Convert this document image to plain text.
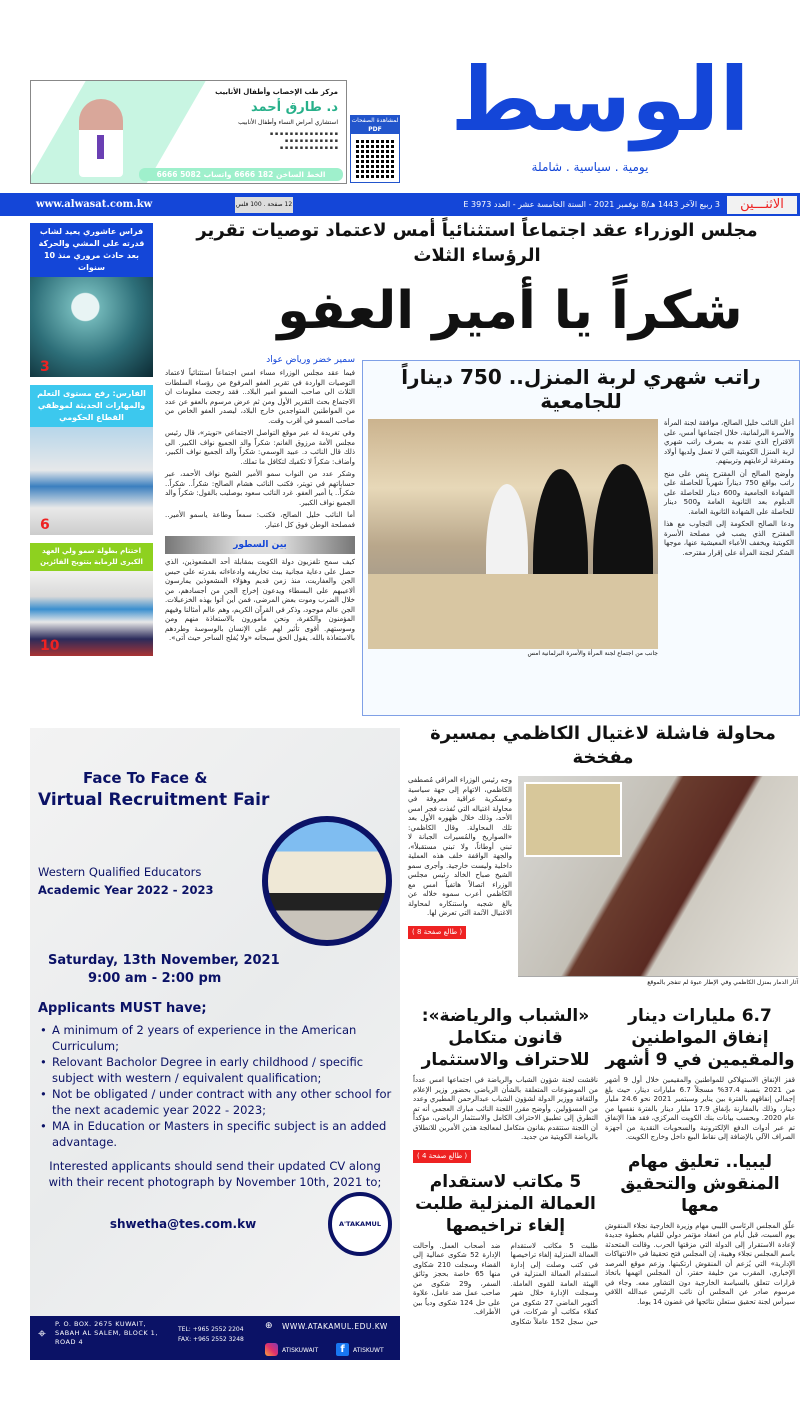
مركز طب الإخصاب وأطفال الأنابيب
د. طارق أحمد
استشاري أمراض النساء وأطفال الأنابيب
▪ ▪ ▪ ▪ ▪ ▪ ▪ ▪ ▪ ▪ ▪ ▪ ▪ ▪
▪ ▪ ▪ ▪ ▪ ▪ ▪ ▪ ▪ ▪ ▪
▪ ▪ ▪ ▪ ▪ ▪ ▪ ▪ ▪ ▪ ▪ ▪
الخط الساخن 182 6666 واتساب 5082 6666
لمشاهدة الصفحات
PDF الوسط
يومية . سياسية . شاملة
الاثنـــين
3 ربيع الآخر 1443 هـ/8 نوفمبر 2021 - السنة الخامسة عشر - العدد 3973 E
12 صفحة . 100 فلس
www.alwasat.com.kw
مجلس الوزراء عقد اجتماعاً استثنائياً أمس لاعتماد توصيات تقرير الرؤساء الثلاث
شكراً يا أمير العفو
فراس عاشوري يعيد لشاب قدرته على المشي والحركة بعد حادث مروري منذ 10 سنوات
3
الفارس: رفع مستوى التعلم والمهارات الحديثة لموظفي القطاع الحكومي
6
اختتام بطولة سمو ولي العهد الكبرى للرماية بتتويج الفائزين
10
سمير خضر ورياض عواد

فيما عقد مجلس الوزراء مساء امس اجتماعاً استثنائياً لاعتماد التوصيات الواردة في تقرير العفو المرفوع من رؤساء السلطات الثلاث الى صاحب السمو امير البلاد.. فقد رجحت معلومات ان الاجتماع بحث التقرير الأول ومن ثم عرض مرسوم بالعفو عن عدد من المواطنين المتواجدين خارج البلاد، ليصدر العفو الخاص من صاحب السمو في أقرب وقت.

وفي تغريدة له عبر موقع التواصل الاجتماعي «تويتر»، قال رئيس مجلس الأمة مرزوق الغانم: شكراً والد الجميع نواف الكبير. الى ذلك قال النائب د. عبيد الوسمي: شكراً والد الجميع نواف الكبير، وأضاف: شكراً لا تكفيك لتكافل ما تملك.

وشكر عدد من النواب سمو الأمير الشيخ نواف الأحمد، عبر حساباتهم في تويتر، فكتب النائب هشام الصالح: شكراً.. شكراً.. شكراً.. يا أمير العفو. غرد النائب سعود بوصليب بالقول: شكراً والد الجميع نواف الكبير.

أما النائب خليل الصالح، فكتب: سمعاً وطاعة ياسمو الأمير.. فمصلحة الوطن فوق كل اعتبار.

بين السطور
كيف سمح تلفزيون دولة الكويت بمقابلة أحد المشعوذين، الذي حصل على دعاية مجانية ببث تخاريفه وادعاءاته بقدرته على حبس الجن والعفاريت، منذ زمن قديم وهؤلاء المشعوذين يمارسون ألاعيبهم على البسطاء ويدعون إخراج الجن من أجسادهم، من خلال الضرب وموت بعض المرضى، فمن أين أتوا بهذه الخزعبلات. الجن عالم موجود، وذكر في القرآن الكريم، وهم عالم أمثالنا وفيهم المؤمنون والكفرة، ونحن مأمورون بالاستعاذة منهم ومن وسوستهم. أقوى تأثير لهم على الإنسان بالوسوسة وطردهم بالاستعاذة بالله. يقول الحق سبحانه «ولا يُفلح الساحر حيث أتى».
راتب شهري لربة المنزل.. 750 ديناراً للجامعية

أعلن النائب خليل الصالح، موافقة لجنة المرأة والأسرة البرلمانية، خلال اجتماعها أمس، على الاقتراح الذي تقدم به بصرف راتب شهري لربة المنزل الكويتية التي لا تعمل ولديها أولاد ومتفرغة لرعايتهم وتربيتهم.

وأوضح الصالح أن المقترح ينص على منح راتب بواقع 750 ديناراً شهرياً للحاصلة على الشهادة الجامعية و600 دينار للحاصلة على الدبلوم بعد الثانوية العامة و500 دينار للحاصلة على الشهادة الثانوية العامة.

ودعا الصالح الحكومة إلى التجاوب مع هذا المقترح الذي يصب في مصلحة الأسرة الكويتية ويخفف الأعباء المعيشية عنها، موجها الشكر لنجنة المرأة على إقرار مقترحه.

جانب من اجتماع لجنة المرأة والأسرة البرلمانية امس
Face To Face &
Virtual Recruitment Fair
Western Qualified Educators
Academic Year 2022 - 2023
Saturday, 13th November, 2021
9:00 am - 2:00 pm
Applicants MUST have;
• A minimum of 2 years of experience in the American Curriculum;
• Relovant Bacholor Degree in early childhood / specific subject with western / equivalent qualification;
• Not be obligated / under contract with any other school for the next academic year 2022 - 2023;
• MA in Education or Masters in specific subject is an added advantage.
Interested applicants should send their updated CV along with their recent photograph by November 10th, 2021 to;
shwetha@tes.com.kw	A'TAKAMUL
⌖
P. O. BOX. 2675 KUWAIT, SABAH AL SALEM, BLOCK 1, ROAD 4
TEL: +965 2552 2204
FAX: +965 2552 3248
⊕ WWW.ATAKAMUL.EDU.KW
ATISKUWAIT	f	ATISKUWT
محاولة فاشلة لاغتيال الكاظمي بمسيرة مفخخة
آثار الدمار بمنزل الكاظمي وفي الإطار عبوة لم تنفجر بالموقع
وجه رئيس الوزراء العراقي مُصطفى الكاظمي، الاتهام إلى جهة سياسية وعسكرية عراقية معروفة في محاولة اغتياله التي نُفذت فجر امس الأحد، وذلك خلال ظهوره الأول بعد تلك المحاولة. وقال الكاظمي: «الصواريخ والمُسيرات الجبانة لا تبني أوطاناً، ولا تبني مستقبلاً»، والجهة الواقفة خلف هذه العملية داخلية وليست خارجية. وأجرى سمو الشيخ صباح الخالد رئيس مجلس الوزراء اتصالاً هاتفياً امس مع الكاظمي أعرب سموه خلاله عن بالغ شجبه واستنكاره لمحاولة الاغتيال الآثمة التي تعرض لها.
( طالع صفحة 8 )
6.7 مليارات دينار إنفاق المواطنين والمقيمين في 9 أشهر
قفز الإنفاق الاستهلاكي للمواطنين والمقيمين خلال أول 9 أشهر من 2021 بنسبة 37.4% مسجلاً 6.7 مليارات دينار، حيث بلغ إجمالي إنفاقهم بالفترة بين يناير وسبتمبر 2021 نحو 24.6 مليار دينار، وذلك بالمقارنة بإنفاق 17.9 مليار دينار بالفترة نفسها من عام 2020. وبحسب بيانات بنك الكويت المركزي، فقد هذا الإنفاق تم عبر أدوات الدفع الإلكترونية والسحوبات النقدية من أجهزة الصراف الآلي بالإضافة إلى نقاط البيع داخل وخارج الكويت.
ليبيا.. تعليق مهام المنقوش والتحقيق معها
علّق المجلس الرئاسي الليبي مهام وزيرة الخارجية نجلاء المنقوش يوم السبت، قبل أيام من انعقاد مؤتمر دولي للقيام بخطوة جديدة لإعادة الاستقرار إلى الدولة التي مزقتها الحرب. وقالت المتحدثة باسم المجلس نجلاء وهيبة، إن المجلس فتح تحقيقا في «الانتهاكات الإدارية» التي يُزعم أن المنقوش ارتكبتها. وزعم موقع المرصد الإخباري، المقرب من خليفة حفتر، أن المجلس اتهمها باتخاذ قرارات تتعلق بالسياسة الخارجية دون التشاور معه. وجاء في مرسوم صادر عن المجلس أن نائب الرئيس عبدالله اللافي سيرأس لجنة تحقيق ستعلن نتائجها في غضون 14 يوما.
«الشباب والرياضة»: قانون متكامل للاحتراف والاستثمار
ناقشت لجنة شؤون الشباب والرياضة في اجتماعها امس عدداً من الموضوعات المتعلقة بالشأن الرياضي بحضور وزير الإعلام والثقافة ووزير الدولة لشؤون الشباب عبدالرحمن المطيري وعدد من المسؤولين. وأوضح مقرر اللجنة النائب مبارك العجمي أنه تم التطرق إلى تطبيق الاحتراف الكامل والاستثمار الرياضي، مؤكداً أن اللجنة ستتقدم بقانون متكامل لمعالجة هذين الأمرين للانطلاق بالرياضة الكويتية من جديد.
( طالع صفحة 4 )
5 مكاتب لاستقدام العمالة المنزلية طلبت إلغاء تراخيصها
طلبت 5 مكاتب لاستقدام العمالة المنزلية إلغاء تراخيصها في كتب وصلت إلى إدارة استقدام العمالة المنزلية في الهيئة العامة للقوى العاملة. وسجلت الإدارة خلال شهر أكتوبر الماضي 27 شكوى من كفلاء مكاتب أو شركات، في حين سجل 152 عاملاً شكاوى ضد أصحاب العمل. وأحالت الإدارة 52 شكوى عمالية إلى القضاء وسجلت 210 شكاوى منها 65 خاصة بحجز وثائق السفر، و29 شكوى من صاحب عمل ضد عامل، علاوة على حل 124 شكوى ودياً بين الأطراف.
